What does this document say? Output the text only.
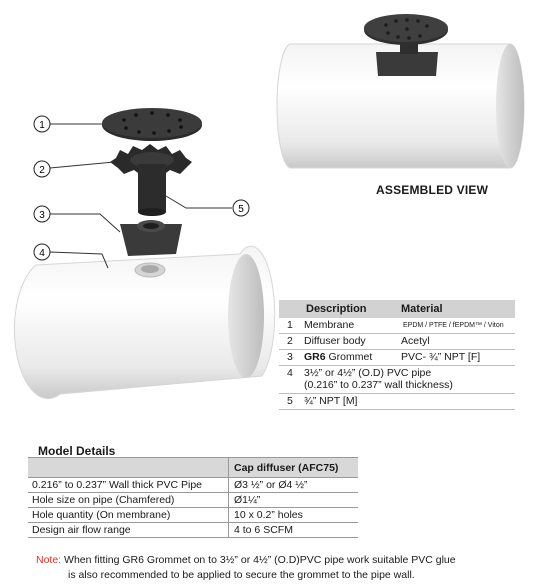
1
2
3
4
5
ASSEMBLED VIEW
Description	Material
1 Membrane	EPDM / PTFE / fEPDM™ / Viton
2 Diffuser body	Acetyl
3 GR6 Grommet	PVC- ¾” NPT [F]
4 3½” or 4½” (O.D) PVC pipe
(0.216” to 0.237” wall thickness)
5 ¾” NPT [M]
Model Details
Cap diffuser (AFC75)
0.216” to 0.237” Wall thick PVC Pipe	Ø3 ½” or Ø4 ½”
Hole size on pipe (Chamfered)	Ø1¼”
Hole quantity (On membrane)	10 x 0.2” holes
Design air flow range	4 to 6 SCFM
Note: When fitting GR6 Grommet on to 3½” or 4½” (O.D)PVC pipe work suitable PVC glue
is also recommended to be applied to secure the grommet to the pipe wall.
